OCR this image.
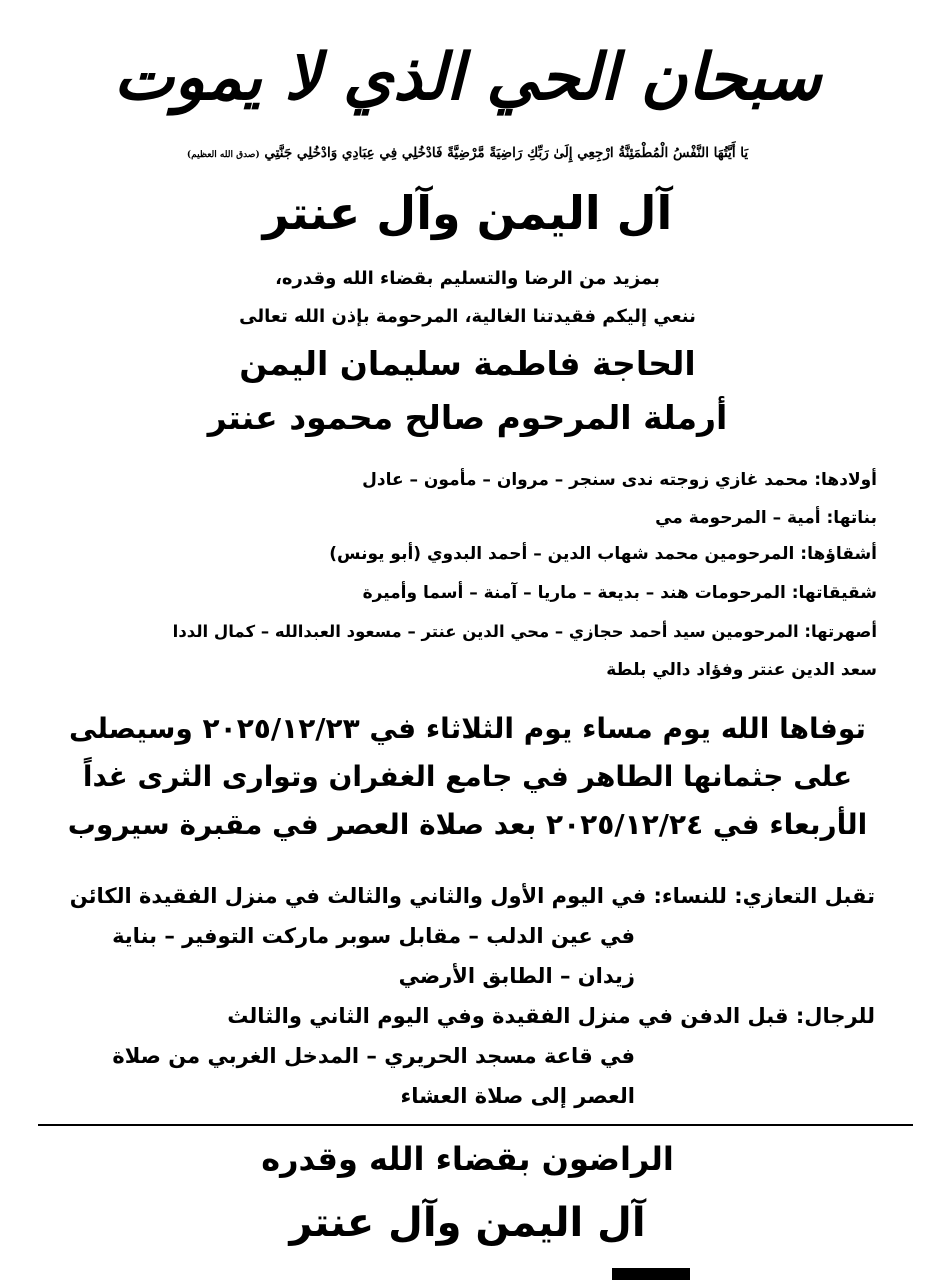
سبحان الحي الذي لا يموت
يَا أَيَّتُهَا النَّفْسُ الْمُطْمَئِنَّةُ ارْجِعِي إِلَىٰ رَبِّكِ رَاضِيَةً مَّرْضِيَّةً فَادْخُلِي فِي عِبَادِي وَادْخُلِي جَنَّتِي (صدق الله العظيم)
آل اليمن وآل عنتر
بمزيد من الرضا والتسليم بقضاء الله وقدره،
ننعي إليكم فقيدتنا الغالية، المرحومة بإذن الله تعالى
الحاجة فاطمة سليمان اليمن
أرملة المرحوم صالح محمود عنتر
أولادها: محمد غازي زوجته ندى سنجر – مروان – مأمون – عادل
بناتها: أمية – المرحومة مي
أشقاؤها: المرحومين محمد شهاب الدين – أحمد البدوي (أبو يونس)
شقيقاتها: المرحومات هند – بديعة – ماريا – آمنة – أسما وأميرة
أصهرتها: المرحومين سيد أحمد حجازي – محي الدين عنتر – مسعود العبدالله – كمال الددا
سعد الدين عنتر وفؤاد دالي بلطة
توفاها الله يوم مساء يوم الثلاثاء في ٢٠٢٥/١٢/٢٣ وسيصلى
على جثمانها الطاهر في جامع الغفران وتوارى الثرى غداً
الأربعاء في ٢٠٢٥/١٢/٢٤ بعد صلاة العصر في مقبرة سيروب
تقبل التعازي: للنساء: في اليوم الأول والثاني والثالث في منزل الفقيدة الكائن
في عين الدلب – مقابل سوبر ماركت التوفير – بناية
زيدان – الطابق الأرضي
للرجال: قبل الدفن في منزل الفقيدة وفي اليوم الثاني والثالث
في قاعة مسجد الحريري – المدخل الغربي من صلاة
العصر إلى صلاة العشاء
الراضون بقضاء الله وقدره
آل اليمن وآل عنتر
